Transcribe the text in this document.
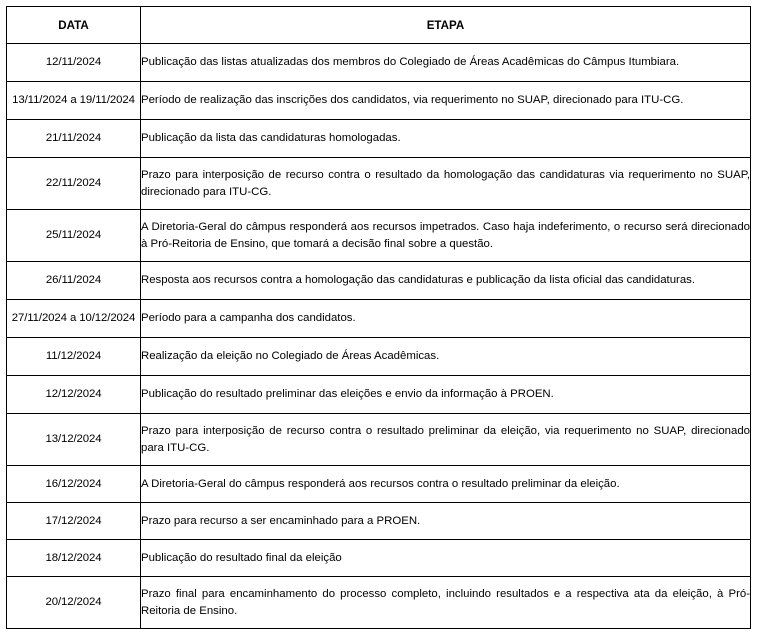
DATA	ETAPA
12/11/2024	Publicação das listas atualizadas dos membros do Colegiado de Áreas Acadêmicas do Câmpus Itumbiara.
13/11/2024 a 19/11/2024	Período de realização das inscrições dos candidatos, via requerimento no SUAP, direcionado para ITU-CG.
21/11/2024	Publicação da lista das candidaturas homologadas.
22/11/2024	Prazo para interposição de recurso contra o resultado da homologação das candidaturas via requerimento no SUAP, direcionado para ITU-CG.
25/11/2024	A Diretoria-Geral do câmpus responderá aos recursos impetrados. Caso haja indeferimento, o recurso será direcionado à Pró-Reitoria de Ensino, que tomará a decisão final sobre a questão.
26/11/2024	Resposta aos recursos contra a homologação das candidaturas e publicação da lista oficial das candidaturas.
27/11/2024 a 10/12/2024	Período para a campanha dos candidatos.
11/12/2024	Realização da eleição no Colegiado de Áreas Acadêmicas.
12/12/2024	Publicação do resultado preliminar das eleições e envio da informação à PROEN.
13/12/2024	Prazo para interposição de recurso contra o resultado preliminar da eleição, via requerimento no SUAP, direcionado para ITU-CG.
16/12/2024	A Diretoria-Geral do câmpus responderá aos recursos contra o resultado preliminar da eleição.
17/12/2024	Prazo para recurso a ser encaminhado para a PROEN.
18/12/2024	Publicação do resultado final da eleição
20/12/2024	Prazo final para encaminhamento do processo completo, incluindo resultados e a respectiva ata da eleição, à Pró-Reitoria de Ensino.
